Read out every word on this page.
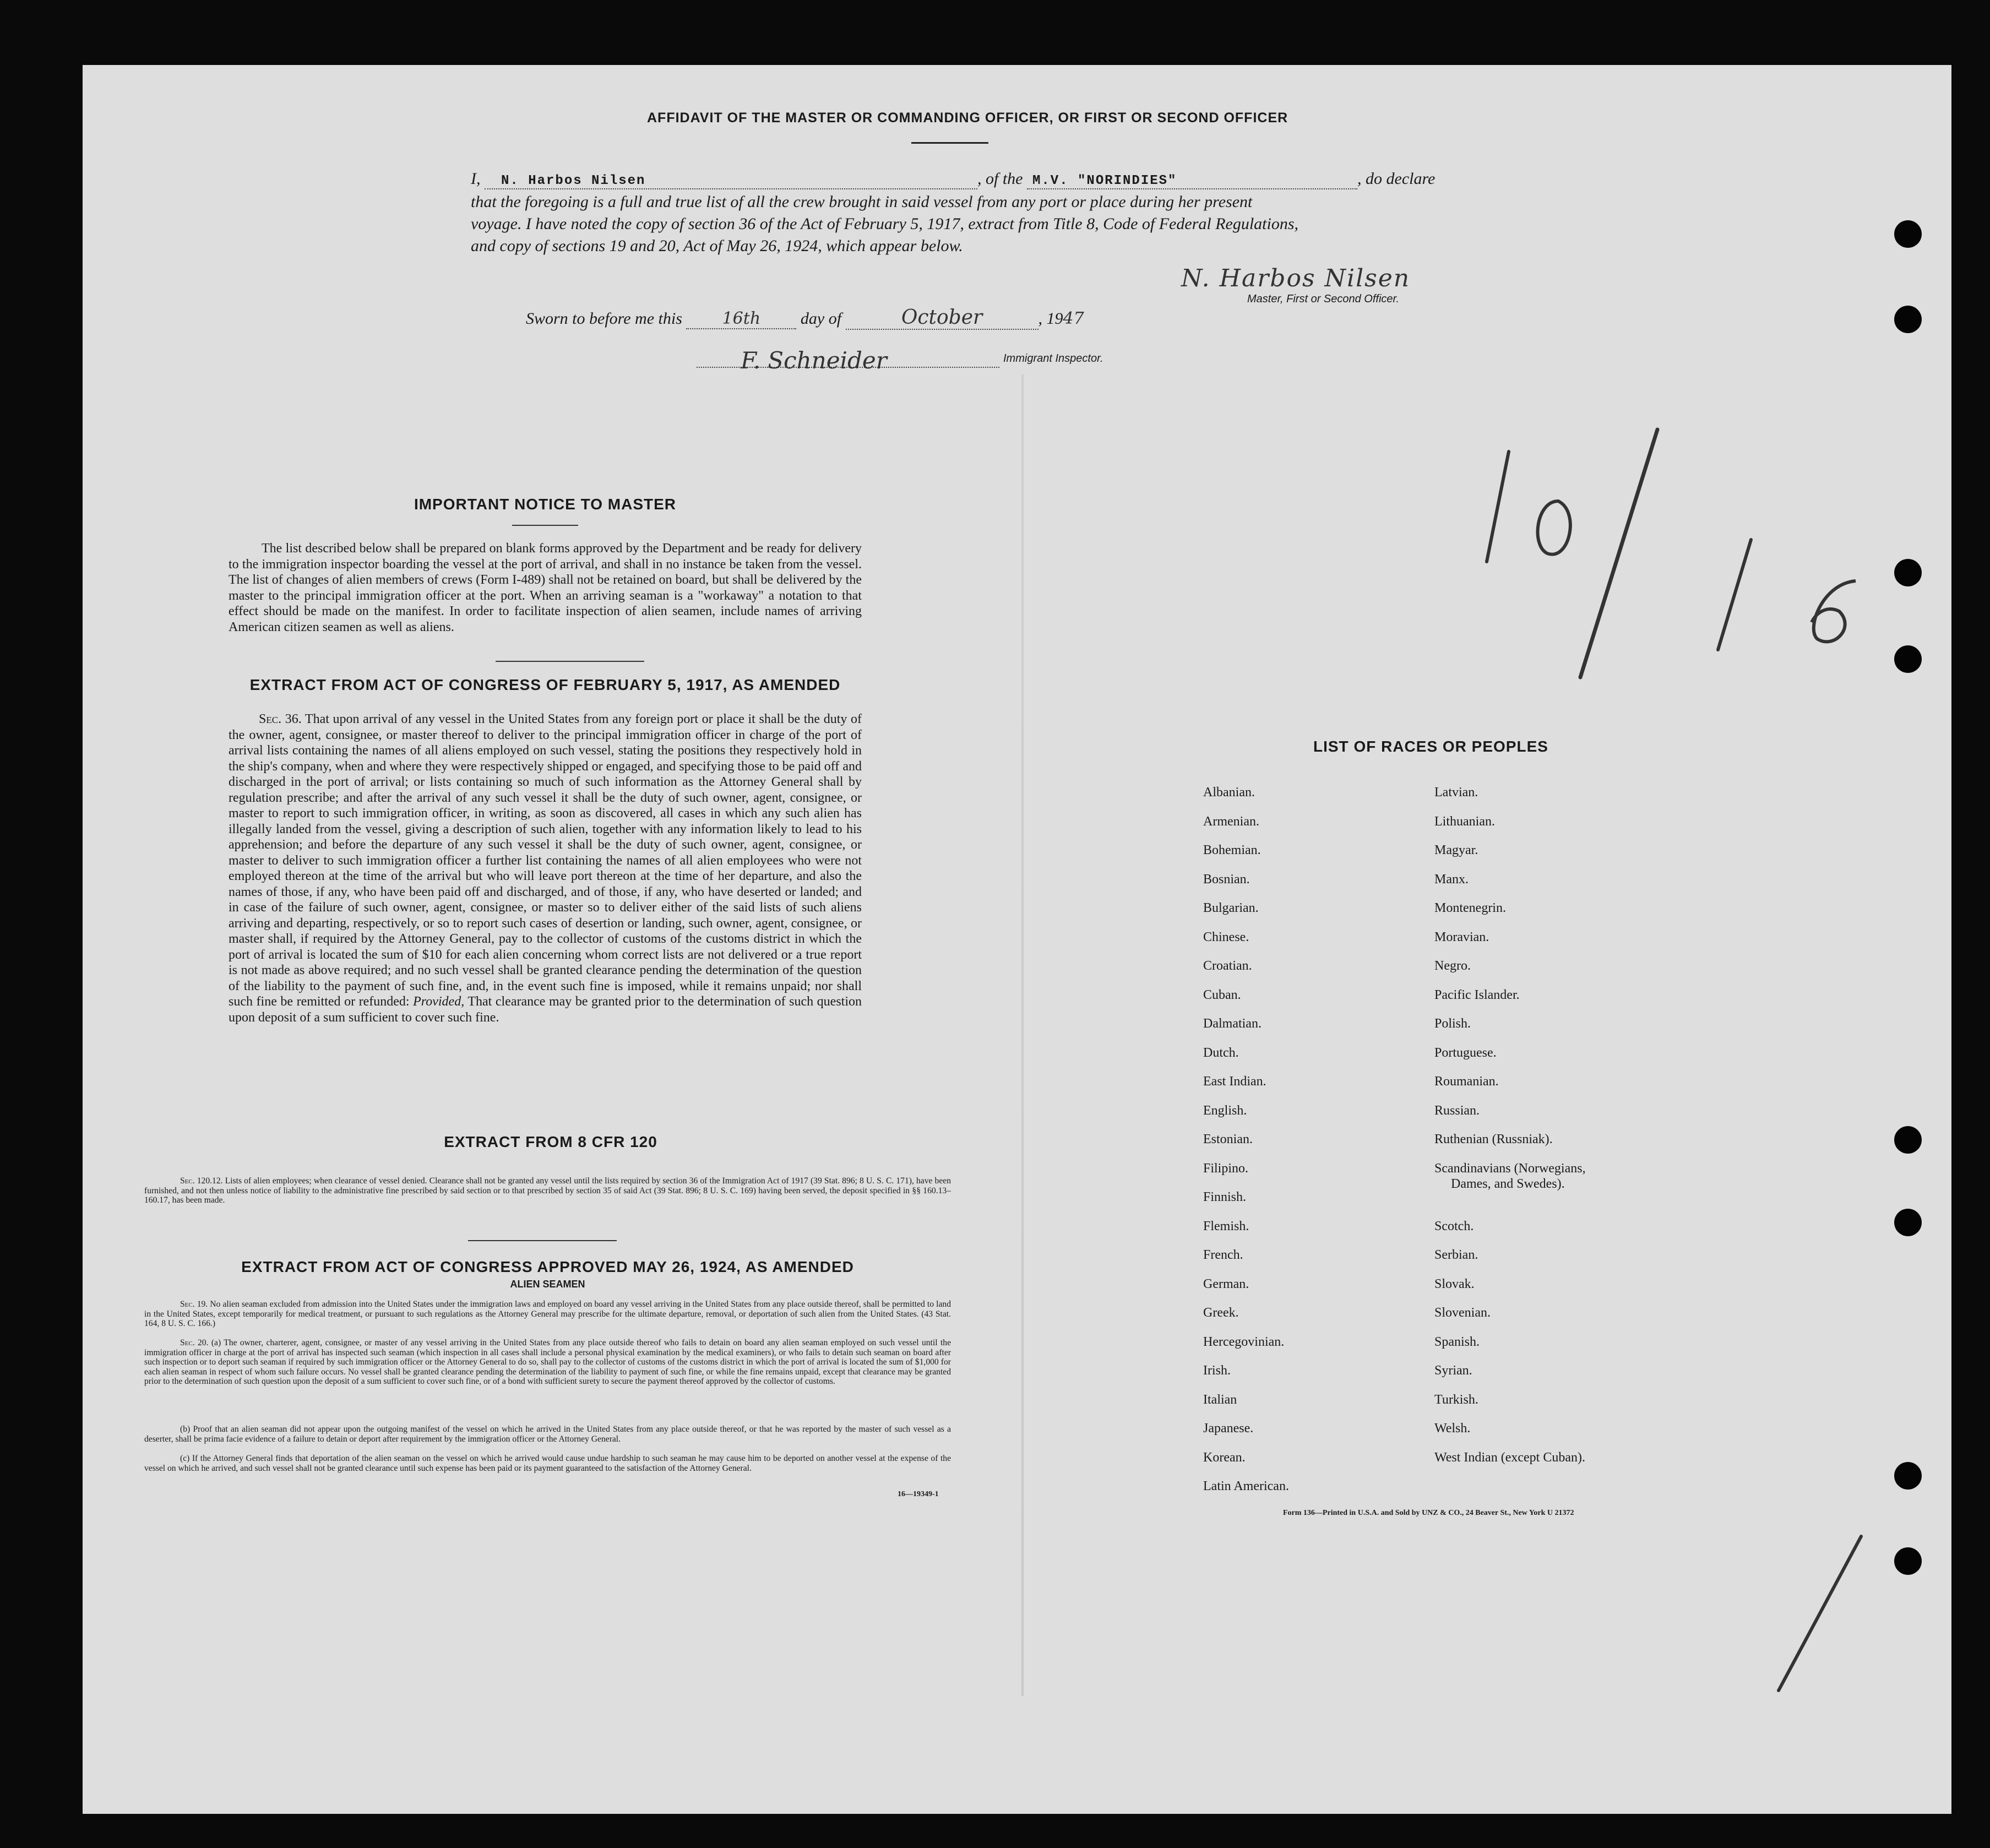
AFFIDAVIT OF THE MASTER OR COMMANDING OFFICER, OR FIRST OR SECOND OFFICER
I, N. Harbos Nilsen	, of the M.V. "NORINDIES"	, do declare
that the foregoing is a full and true list of all the crew brought in said vessel from any port or place during her present
voyage. I have noted the copy of section 36 of the Act of February 5, 1917, extract from Title 8, Code of Federal Regulations,
and copy of sections 19 and 20, Act of May 26, 1924, which appear below.
N. Harbos Nilsen
Master, First or Second Officer.
Sworn to before me this 16th day of	October	, 1947
F. Schneider	Immigrant Inspector.
IMPORTANT NOTICE TO MASTER
The list described below shall be prepared on blank forms approved by the Department and be ready for delivery to the immigration inspector boarding the vessel at the port of arrival, and shall in no instance be taken from the vessel. The list of changes of alien members of crews (Form I-489) shall not be retained on board, but shall be delivered by the master to the principal immigration officer at the port. When an arriving seaman is a "workaway" a notation to that effect should be made on the manifest. In order to facilitate inspection of alien seamen, include names of arriving American citizen seamen as well as aliens.
EXTRACT FROM ACT OF CONGRESS OF FEBRUARY 5, 1917, AS AMENDED
Sec. 36. That upon arrival of any vessel in the United States from any foreign port or place it shall be the duty of the owner, agent, consignee, or master thereof to deliver to the principal immigration officer in charge of the port of arrival lists containing the names of all aliens employed on such vessel, stating the positions they respectively hold in the ship's company, when and where they were respectively shipped or engaged, and specifying those to be paid off and discharged in the port of arrival; or lists containing so much of such information as the Attorney General shall by regulation prescribe; and after the arrival of any such vessel it shall be the duty of such owner, agent, consignee, or master to report to such immigration officer, in writing, as soon as discovered, all cases in which any such alien has illegally landed from the vessel, giving a description of such alien, together with any information likely to lead to his apprehension; and before the departure of any such vessel it shall be the duty of such owner, agent, consignee, or master to deliver to such immigration officer a further list containing the names of all alien employees who were not employed thereon at the time of the arrival but who will leave port thereon at the time of her departure, and also the names of those, if any, who have been paid off and discharged, and of those, if any, who have deserted or landed; and in case of the failure of such owner, agent, consignee, or master so to deliver either of the said lists of such aliens arriving and departing, respectively, or so to report such cases of desertion or landing, such owner, agent, consignee, or master shall, if required by the Attorney General, pay to the collector of customs of the customs district in which the port of arrival is located the sum of $10 for each alien concerning whom correct lists are not delivered or a true report is not made as above required; and no such vessel shall be granted clearance pending the determination of the question of the liability to the payment of such fine, and, in the event such fine is imposed, while it remains unpaid; nor shall such fine be remitted or refunded: Provided, That clearance may be granted prior to the determination of such question upon deposit of a sum sufficient to cover such fine.
EXTRACT FROM 8 CFR 120
Sec. 120.12. Lists of alien employees; when clearance of vessel denied. Clearance shall not be granted any vessel until the lists required by section 36 of the Immigration Act of 1917 (39 Stat. 896; 8 U. S. C. 171), have been furnished, and not then unless notice of liability to the administrative fine prescribed by said section or to that prescribed by section 35 of said Act (39 Stat. 896; 8 U. S. C. 169) having been served, the deposit specified in §§ 160.13–160.17, has been made.
EXTRACT FROM ACT OF CONGRESS APPROVED MAY 26, 1924, AS AMENDED
ALIEN SEAMEN
Sec. 19. No alien seaman excluded from admission into the United States under the immigration laws and employed on board any vessel arriving in the United States from any place outside thereof, shall be permitted to land in the United States, except temporarily for medical treatment, or pursuant to such regulations as the Attorney General may prescribe for the ultimate departure, removal, or deportation of such alien from the United States. (43 Stat. 164, 8 U. S. C. 166.)
Sec. 20. (a) The owner, charterer, agent, consignee, or master of any vessel arriving in the United States from any place outside thereof who fails to detain on board any alien seaman employed on such vessel until the immigration officer in charge at the port of arrival has inspected such seaman (which inspection in all cases shall include a personal physical examination by the medical examiners), or who fails to detain such seaman on board after such inspection or to deport such seaman if required by such immigration officer or the Attorney General to do so, shall pay to the collector of customs of the customs district in which the port of arrival is located the sum of $1,000 for each alien seaman in respect of whom such failure occurs. No vessel shall be granted clearance pending the determination of the liability to payment of such fine, or while the fine remains unpaid, except that clearance may be granted prior to the determination of such question upon the deposit of a sum sufficient to cover such fine, or of a bond with sufficient surety to secure the payment thereof approved by the collector of customs.
(b) Proof that an alien seaman did not appear upon the outgoing manifest of the vessel on which he arrived in the United States from any place outside thereof, or that he was reported by the master of such vessel as a deserter, shall be prima facie evidence of a failure to detain or deport after requirement by the immigration officer or the Attorney General.
(c) If the Attorney General finds that deportation of the alien seaman on the vessel on which he arrived would cause undue hardship to such seaman he may cause him to be deported on another vessel at the expense of the vessel on which he arrived, and such vessel shall not be granted clearance until such expense has been paid or its payment guaranteed to the satisfaction of the Attorney General.
16—19349-1
LIST OF RACES OR PEOPLES
Albanian.
Armenian.
Bohemian.
Bosnian.
Bulgarian.
Chinese.
Croatian.
Cuban.
Dalmatian.
Dutch.
East Indian.
English.
Estonian.
Filipino.
Finnish.
Flemish.
French.
German.
Greek.
Hercegovinian.
Irish.
Italian
Japanese.
Korean.
Latin American.
Latvian.
Lithuanian.
Magyar.
Manx.
Montenegrin.
Moravian.
Negro.
Pacific Islander.
Polish.
Portuguese.
Roumanian.
Russian.
Ruthenian (Russniak).
Scandinavians (Norwegians,
Dames, and Swedes).
Scotch.
Serbian.
Slovak.
Slovenian.
Spanish.
Syrian.
Turkish.
Welsh.
West Indian (except Cuban).
Form 136—Printed in U.S.A. and Sold by UNZ & CO., 24 Beaver St., New York U 21372
